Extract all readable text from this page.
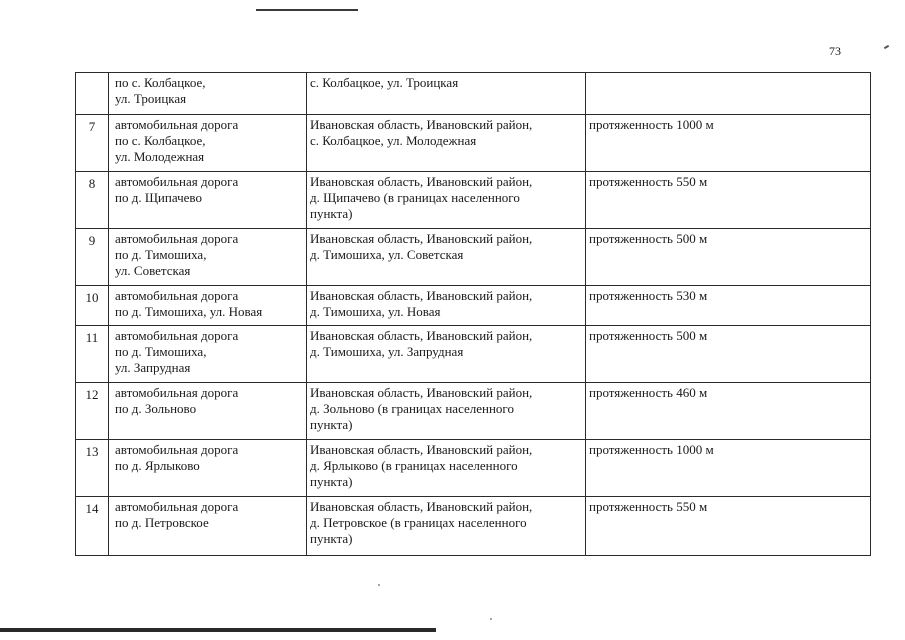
73

	по с. Колбацкое,
ул. Троицкая	с. Колбацкое, ул. Троицкая	

7	автомобильная дорога
по с. Колбацкое,
ул. Молодежная	Ивановская область, Ивановский район,
с. Колбацкое, ул. Молодежная	протяженность 1000 м
8	автомобильная дорога
по д. Щипачево	Ивановская область, Ивановский район,
д. Щипачево (в границах населенного
пункта)	протяженность 550 м
9	автомобильная дорога
по д. Тимошиха,
ул. Советская	Ивановская область, Ивановский район,
д. Тимошиха, ул. Советская	протяженность 500 м
10	автомобильная дорога
по д. Тимошиха, ул. Новая	Ивановская область, Ивановский район,
д. Тимошиха, ул. Новая	протяженность 530 м
11	автомобильная дорога
по д. Тимошиха,
ул. Запрудная	Ивановская область, Ивановский район,
д. Тимошиха, ул. Запрудная	протяженность 500 м
12	автомобильная дорога
по д. Зольново	Ивановская область, Ивановский район,
д. Зольново (в границах населенного
пункта)	протяженность 460 м
13	автомобильная дорога
по д. Ярлыково	Ивановская область, Ивановский район,
д. Ярлыково (в границах населенного
пункта)	протяженность 1000 м
14	автомобильная дорога
по д. Петровское	Ивановская область, Ивановский район,
д. Петровское (в границах населенного
пункта)	протяженность 550 м
